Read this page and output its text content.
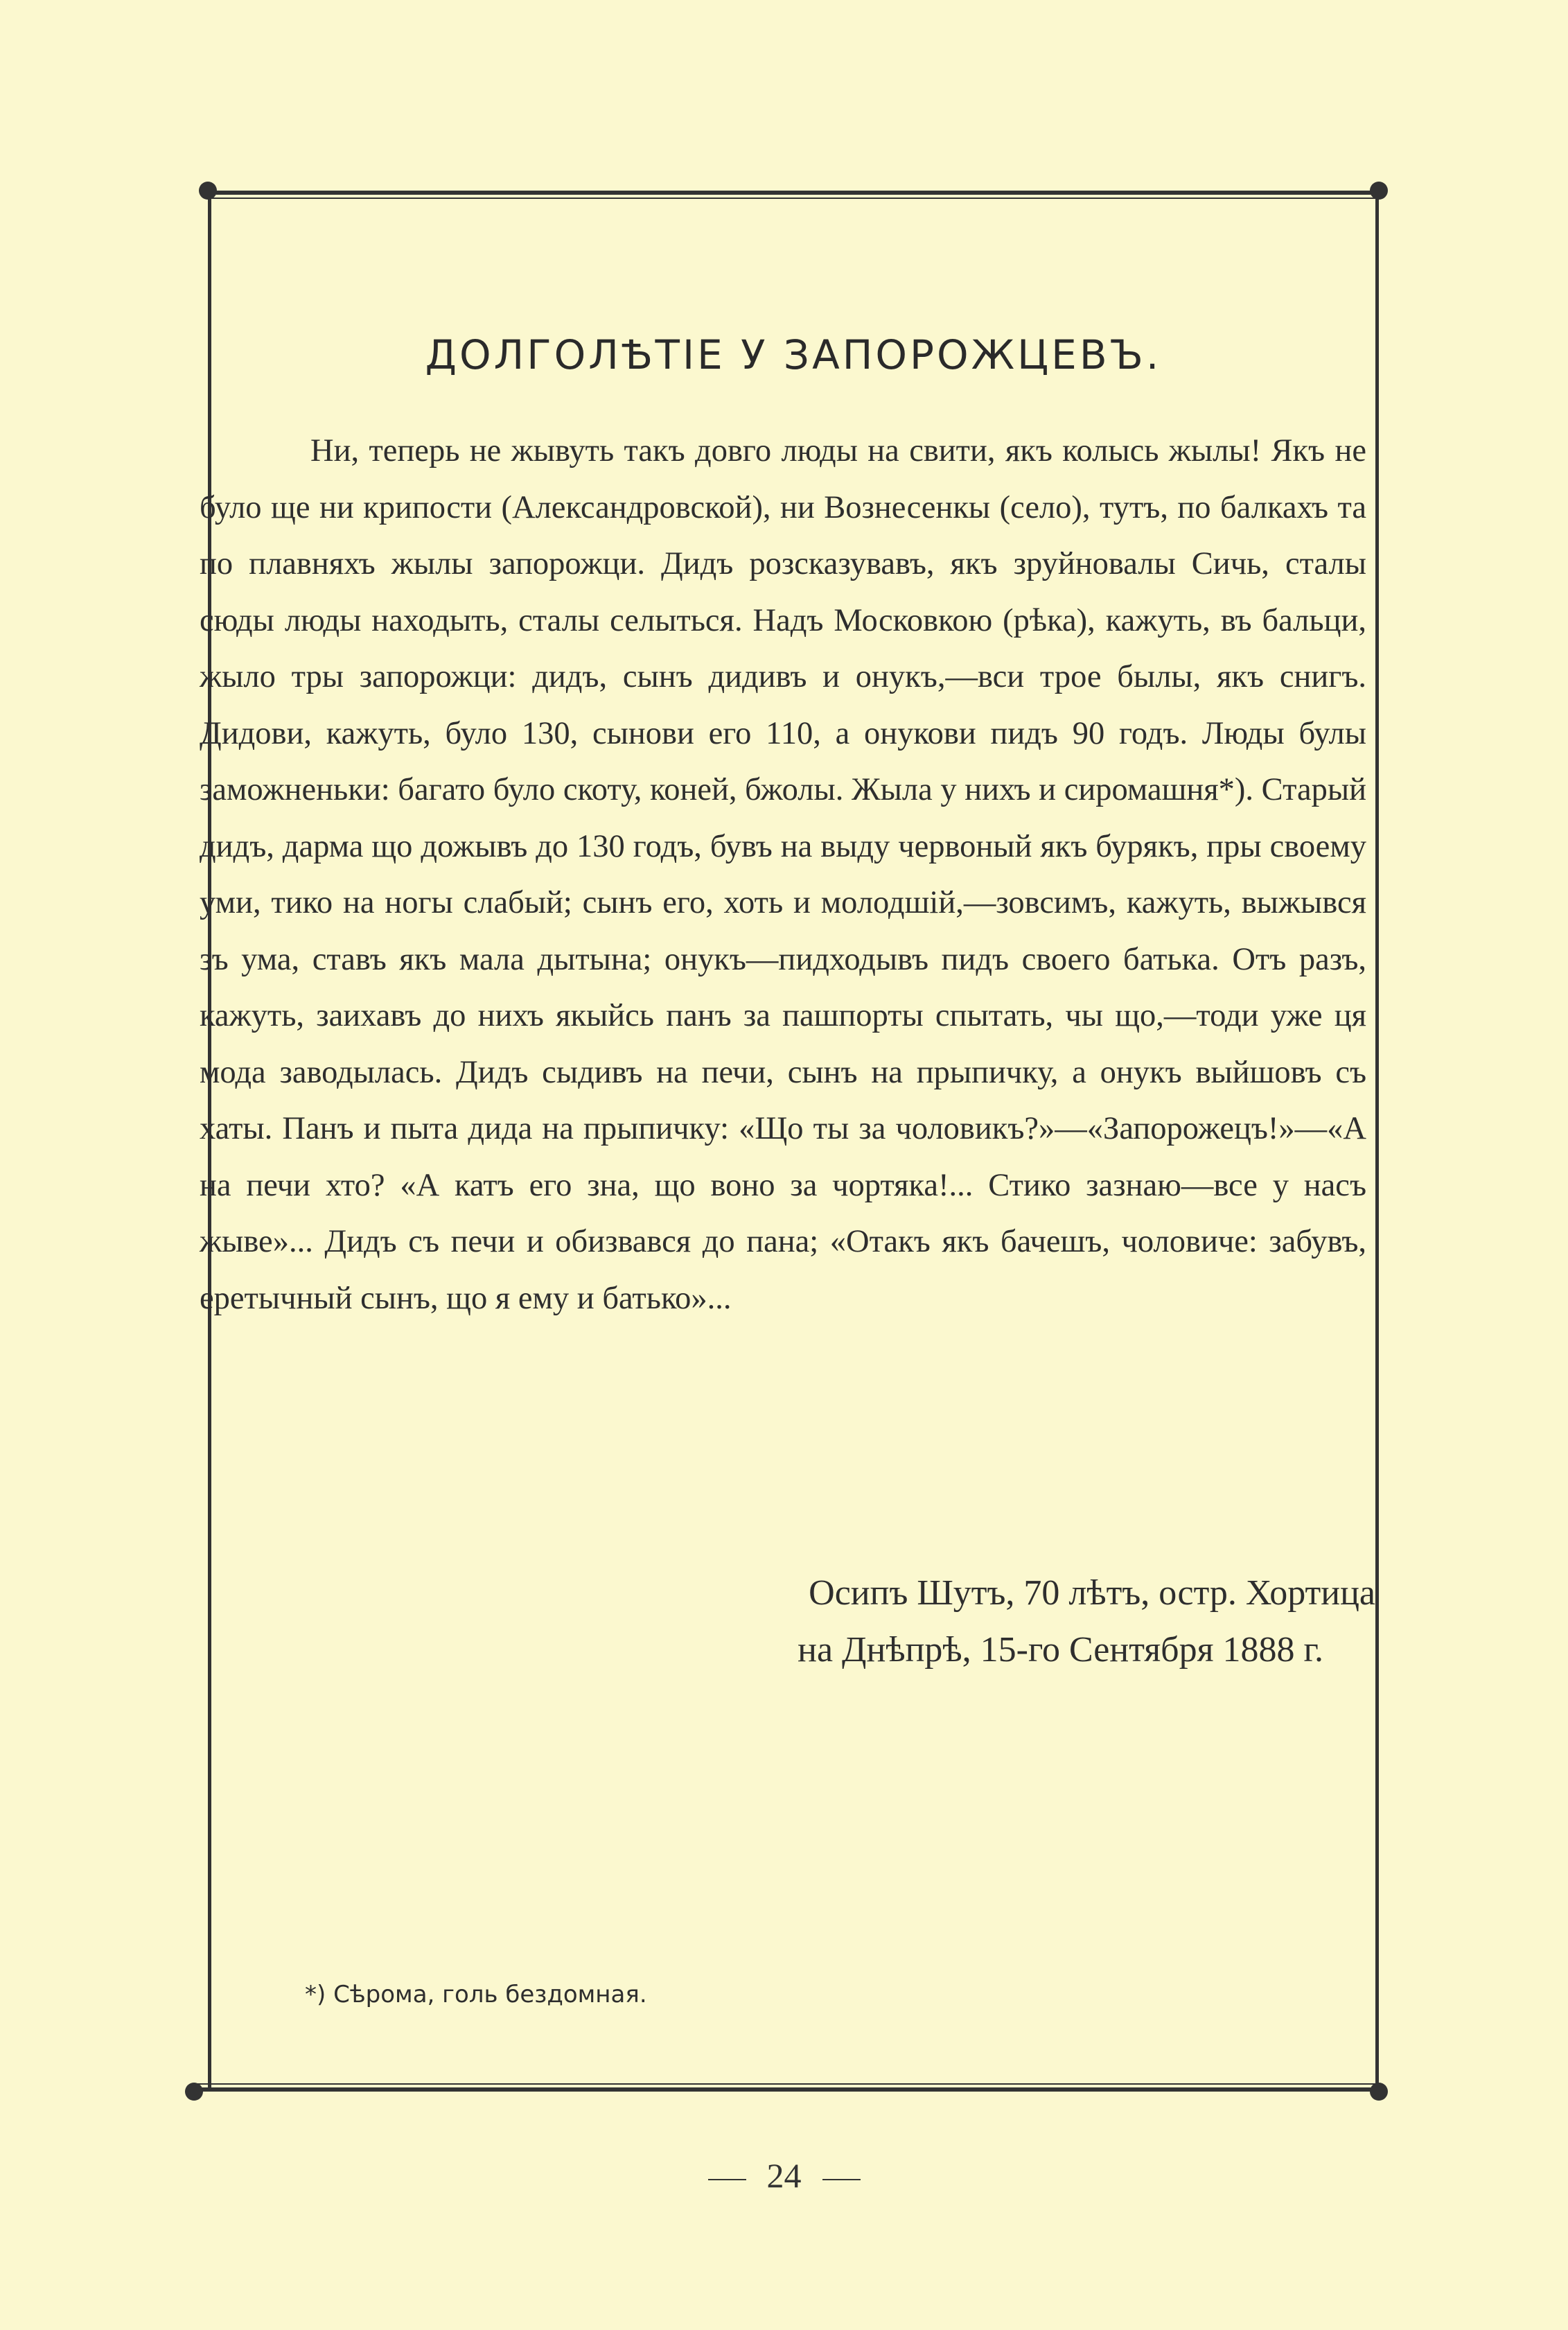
ДОЛГОЛѢТІЕ У ЗАПОРОЖЦЕВЪ.
Ни, теперь не жывуть такъ довго люды на свити, якъ колысь жылы! Якъ не було ще ни крипости (Александровской), ни Вознесенкы (село), тутъ, по балкахъ та по плавняхъ жылы запорожци. Дидъ розсказувавъ, якъ зруйновалы Сичь, сталы сюды люды находыть, сталы селыться. Надъ Московкою (рѣка), кажуть, въ бальци, жыло тры запорожци: дидъ, сынъ дидивъ и онукъ,—вси трое былы, якъ снигъ. Дидови, кажуть, було 130, сынови его 110, а онукови пидъ 90 годъ. Люды булы заможненьки: багато було скоту, коней, бжолы. Жыла у нихъ и сиромашня*). Старый дидъ, дарма що дожывъ до 130 годъ, бувъ на выду червоный якъ бурякъ, пры своему уми, тико на ногы слабый; сынъ его, хоть и молодшій,—зовсимъ, кажуть, выжывся зъ ума, ставъ якъ мала дытына; онукъ—пидходывъ пидъ своего батька. Отъ разъ, кажуть, заихавъ до нихъ якыйсь панъ за пашпорты спытать, чы що,—тоди уже ця мода заводылась. Дидъ сыдивъ на печи, сынъ на прыпичку, а онукъ выйшовъ съ хаты. Панъ и пыта дида на прыпичку: «Що ты за чоловикъ?»—«Запорожецъ!»—«А на печи хто? «А катъ его зна, що воно за чортяка!... Стико зазнаю—все у насъ жыве»... Дидъ съ печи и обизвався до пана; «Отакъ якъ бачешъ, чоловиче: забувъ, еретычный сынъ, що я ему и батько»...
Осипъ Шутъ, 70 лѣтъ, остр. Хортица

на Днѣпрѣ, 15-го Сентября 1888 г.
*) Сѣрома, голь бездомная.
24
